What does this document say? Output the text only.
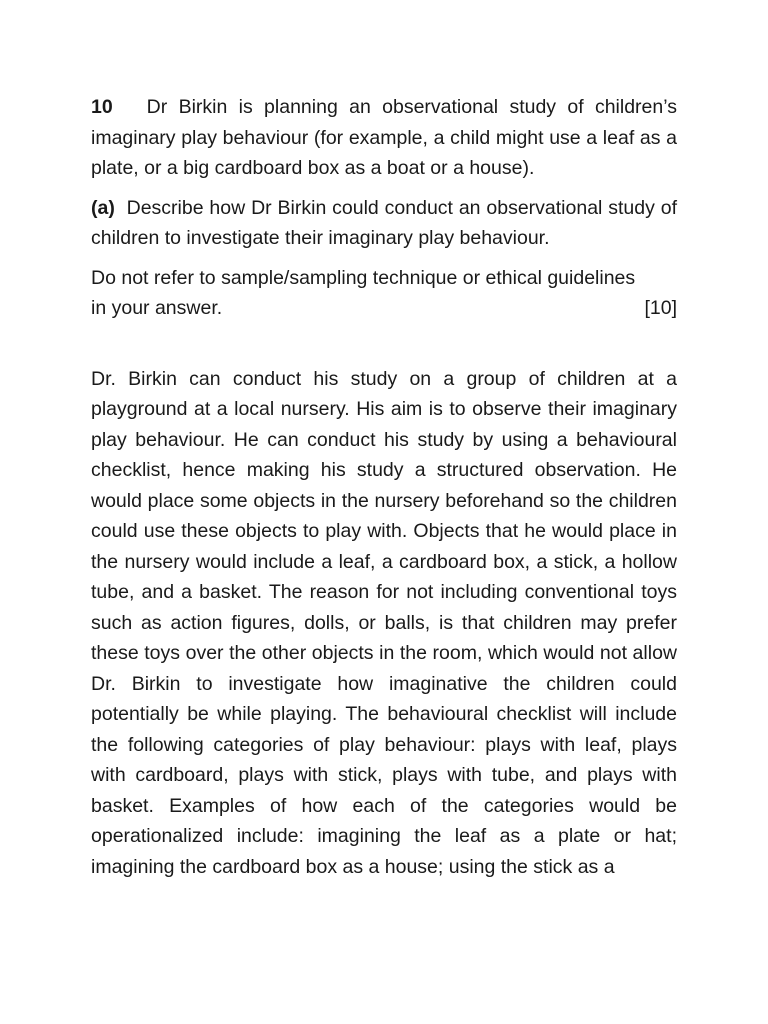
10 Dr Birkin is planning an observational study of children’s imaginary play behaviour (for example, a child might use a leaf as a plate, or a big cardboard box as a boat or a house).

(a) Describe how Dr Birkin could conduct an observational study of children to investigate their imaginary play behaviour.

Do not refer to sample/sampling technique or ethical guidelines
in your answer.	[10]

Dr. Birkin can conduct his study on a group of children at a playground at a local nursery. His aim is to observe their imaginary play behaviour. He can conduct his study by using a behavioural checklist, hence making his study a structured observation. He would place some objects in the nursery beforehand so the children could use these objects to play with. Objects that he would place in the nursery would include a leaf, a cardboard box, a stick, a hollow tube, and a basket. The reason for not including conventional toys such as action figures, dolls, or balls, is that children may prefer these toys over the other objects in the room, which would not allow Dr. Birkin to investigate how imaginative the children could potentially be while playing. The behavioural checklist will include the following categories of play behaviour: plays with leaf, plays with cardboard, plays with stick, plays with tube, and plays with basket. Examples of how each of the categories would be operationalized include: imagining the leaf as a plate or hat; imagining the cardboard box as a house; using the stick as a
